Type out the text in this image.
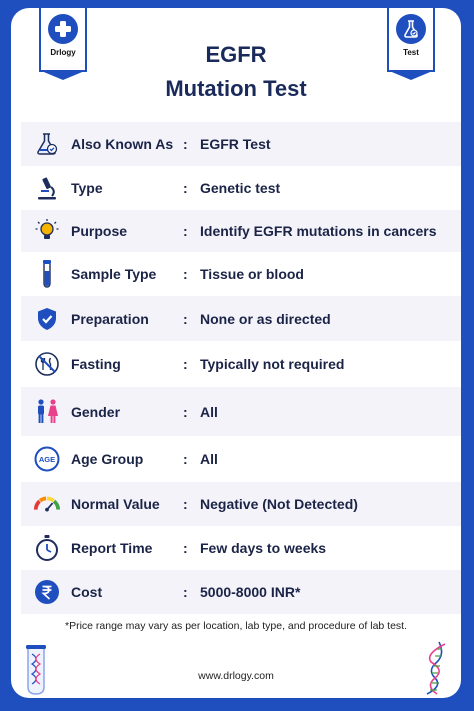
Drlogy	Test
EGFR
Mutation Test
Also Known As : EGFR Test
Type	: Genetic test
Purpose	: Identify EGFR mutations in cancers
Sample Type : Tissue or blood
Preparation : None or as directed
Fasting	: Typically not required
Gender	: All
AGE Age Group	: All
Normal Value : Negative (Not Detected)
Report Time : Few days to weeks
Cost	: 5000-8000 INR*
*Price range may vary as per location, lab type, and procedure of lab test.
www.drlogy.com
